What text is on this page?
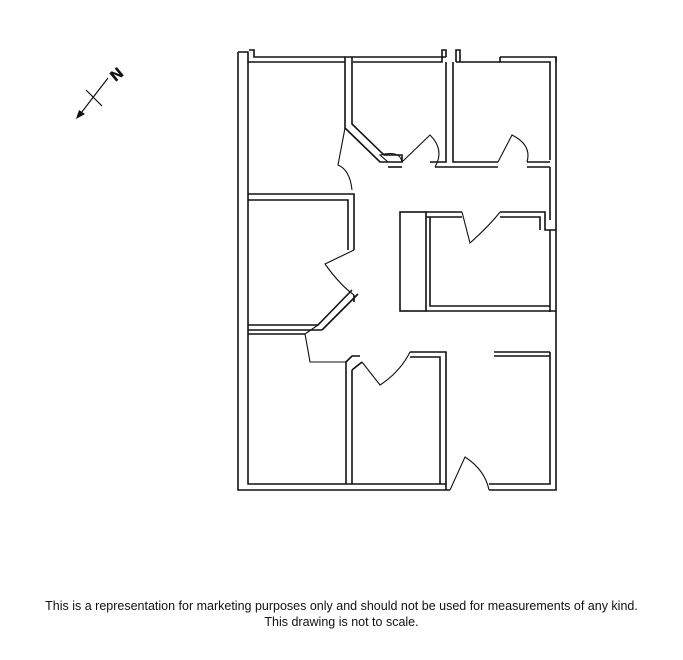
N
This is a representation for marketing purposes only and should not be used for measurements of any kind.
This drawing is not to scale.
